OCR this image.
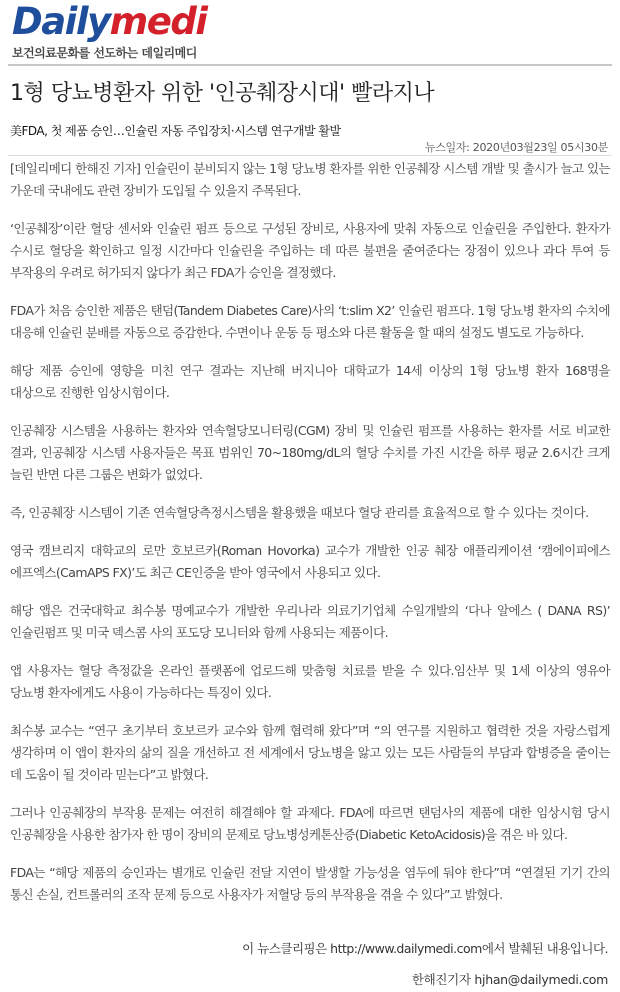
Dailymedi
보건의료문화를 선도하는 데일리메디
1형 당뇨병환자 위한 '인공췌장시대' 빨라지나
美FDA, 첫 제품 승인…인슐린 자동 주입장치·시스템 연구개발 활발
뉴스일자: 2020년03월23일 05시30분

[데일리메디 한해진 기자] 인슐린이 분비되지 않는 1형 당뇨병 환자를 위한 인공췌장 시스템 개발 및 출시가 늘고 있는 가운데 국내에도 관련 장비가 도입될 수 있을지 주목된다.

‘인공췌장’이란 혈당 센서와 인슐린 펌프 등으로 구성된 장비로, 사용자에 맞춰 자동으로 인슐린을 주입한다. 환자가 수시로 혈당을 확인하고 일정 시간마다 인슐린을 주입하는 데 따른 불편을 줄여준다는 장점이 있으나 과다 투여 등 부작용의 우려로 허가되지 않다가 최근 FDA가 승인을 결정했다.

FDA가 처음 승인한 제품은 탠덤(Tandem Diabetes Care)사의 ‘t:slim X2’ 인슐린 펌프다. 1형 당뇨병 환자의 수치에 대응해 인슐린 분배를 자동으로 증감한다. 수면이나 운동 등 평소와 다른 활동을 할 때의 설정도 별도로 가능하다.

해당 제품 승인에 영향을 미친 연구 결과는 지난해 버지니아 대학교가 14세 이상의 1형 당뇨병 환자 168명을 대상으로 진행한 임상시험이다.

인공췌장 시스템을 사용하는 환자와 연속혈당모니터링(CGM) 장비 및 인슐린 펌프를 사용하는 환자를 서로 비교한 결과, 인공췌장 시스템 사용자들은 목표 범위인 70~180mg/dL의 혈당 수치를 가진 시간을 하루 평균 2.6시간 크게 늘린 반면 다른 그룹은 변화가 없었다.

즉, 인공췌장 시스템이 기존 연속혈당측정시스템을 활용했을 때보다 혈당 관리를 효율적으로 할 수 있다는 것이다.

영국 캠브리지 대학교의 로만 호보르카(Roman Hovorka) 교수가 개발한 인공 췌장 애플리케이션 ‘캠에이피에스 에프엑스(CamAPS FX)’도 최근 CE인증을 받아 영국에서 사용되고 있다.

해당 앱은 건국대학교 최수봉 명예교수가 개발한 우리나라 의료기기업체 수일개발의 ‘다나 알에스 ( DANA RS)’ 인슐린펌프 및 미국 덱스콤 사의 포도당 모니터와 함께 사용되는 제품이다.

앱 사용자는 혈당 측정값을 온라인 플랫폼에 업로드해 맞춤형 치료를 받을 수 있다.임산부 및 1세 이상의 영유아 당뇨병 환자에게도 사용이 가능하다는 특징이 있다.

최수봉 교수는 “연구 초기부터 호보르카 교수와 함께 협력해 왔다”며 “의 연구를 지원하고 협력한 것을 자랑스럽게 생각하며 이 앱이 환자의 삶의 질을 개선하고 전 세계에서 당뇨병을 앓고 있는 모든 사람들의 부담과 합병증을 줄이는 데 도움이 될 것이라 믿는다”고 밝혔다.

그러나 인공췌장의 부작용 문제는 여전히 해결해야 할 과제다. FDA에 따르면 탠덤사의 제품에 대한 임상시험 당시 인공췌장을 사용한 참가자 한 명이 장비의 문제로 당뇨병성케톤산증(Diabetic KetoAcidosis)을 겪은 바 있다.

FDA는 “해당 제품의 승인과는 별개로 인슐린 전달 지연이 발생할 가능성을 염두에 둬야 한다”며 “연결된 기기 간의 통신 손실, 컨트롤러의 조작 문제 등으로 사용자가 저혈당 등의 부작용을 겪을 수 있다”고 밝혔다.

이 뉴스클리핑은 http://www.dailymedi.com에서 발췌된 내용입니다.
한해진기자 hjhan@dailymedi.com
